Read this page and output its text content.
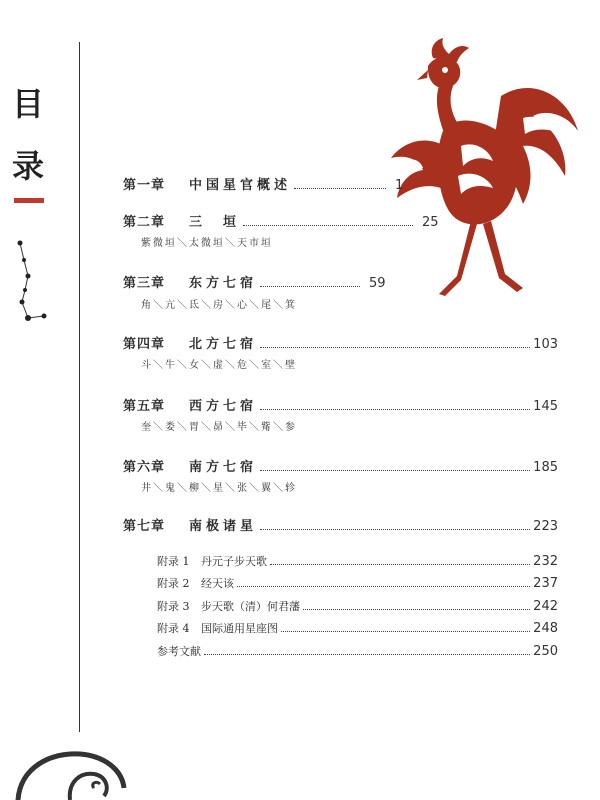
目
录
第一章	中国星官概述	1
第二章	三　垣	25
紫微垣＼太微垣＼天市垣
第三章	东方七宿	59
角＼亢＼氐＼房＼心＼尾＼箕
第四章	北方七宿	103
斗＼牛＼女＼虚＼危＼室＼壁
第五章	西方七宿	145
奎＼娄＼胃＼昴＼毕＼觜＼参
第六章	南方七宿	185
井＼鬼＼柳＼星＼张＼翼＼轸
第七章	南极诸星	223
附录 1	丹元子步天歌	232
附录 2	经天该	237
附录 3	步天歌（清）何君藩	242
附录 4	国际通用星座图	248
参考文献	250
